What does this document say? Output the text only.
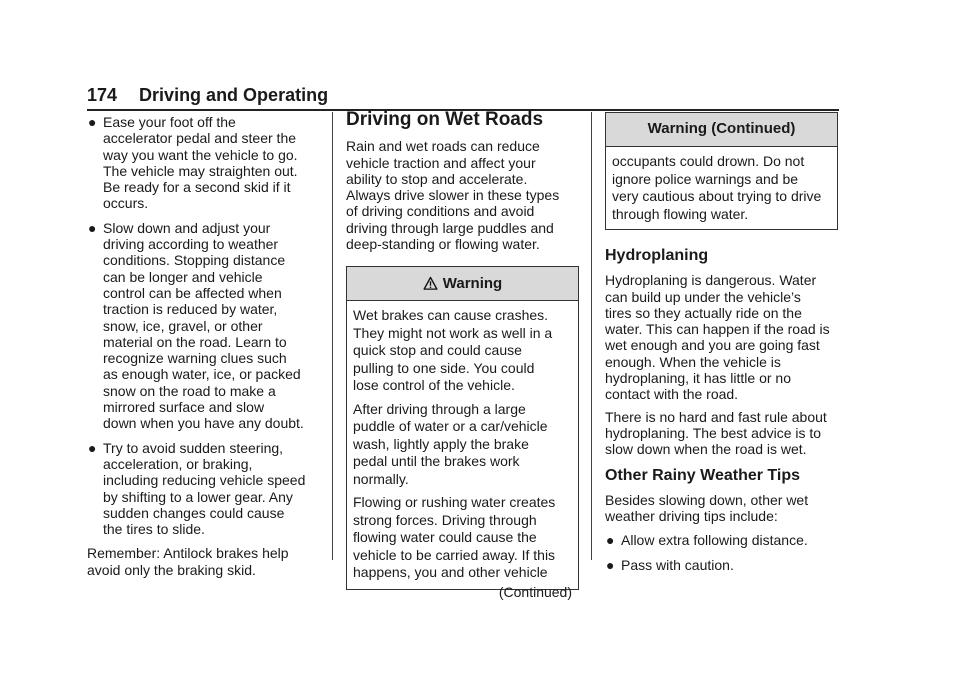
174 Driving and Operating
● Ease your foot off the
accelerator pedal and steer the
way you want the vehicle to go.
The vehicle may straighten out.
Be ready for a second skid if it
occurs.
● Slow down and adjust your
driving according to weather
conditions. Stopping distance
can be longer and vehicle
control can be affected when
traction is reduced by water,
snow, ice, gravel, or other
material on the road. Learn to
recognize warning clues such
as enough water, ice, or packed
snow on the road to make a
mirrored surface and slow
down when you have any doubt.
● Try to avoid sudden steering,
acceleration, or braking,
including reducing vehicle speed
by shifting to a lower gear. Any
sudden changes could cause
the tires to slide.

Remember: Antilock brakes help
avoid only the braking skid.

Driving on Wet Roads

Rain and wet roads can reduce
vehicle traction and affect your
ability to stop and accelerate.
Always drive slower in these types
of driving conditions and avoid
driving through large puddles and
deep-standing or flowing water.

Warning

Wet brakes can cause crashes.
They might not work as well in a
quick stop and could cause
pulling to one side. You could
lose control of the vehicle.

After driving through a large
puddle of water or a car/vehicle
wash, lightly apply the brake
pedal until the brakes work
normally.

Flowing or rushing water creates
strong forces. Driving through
flowing water could cause the
vehicle to be carried away. If this
happens, you and other vehicle

(Continued)
Warning (Continued)

occupants could drown. Do not
ignore police warnings and be
very cautious about trying to drive
through flowing water.

Hydroplaning

Hydroplaning is dangerous. Water
can build up under the vehicle’s
tires so they actually ride on the
water. This can happen if the road is
wet enough and you are going fast
enough. When the vehicle is
hydroplaning, it has little or no
contact with the road.

There is no hard and fast rule about
hydroplaning. The best advice is to
slow down when the road is wet.

Other Rainy Weather Tips

Besides slowing down, other wet
weather driving tips include:

● Allow extra following distance.
● Pass with caution.
